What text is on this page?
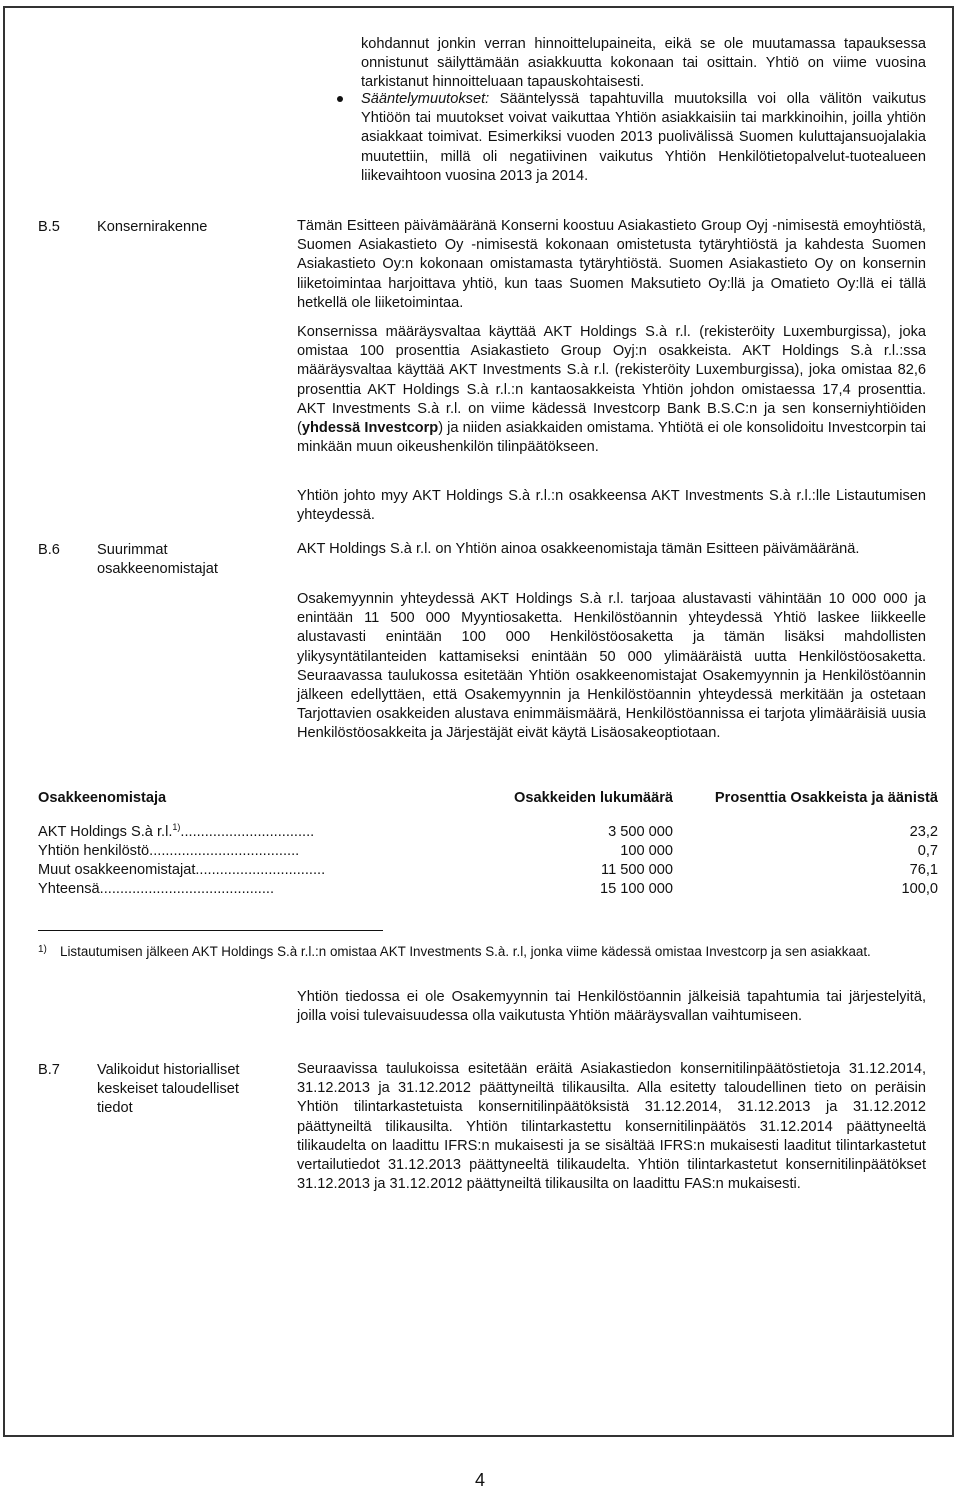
kohdannut jonkin verran hinnoittelupaineita, eikä se ole muutamassa tapauksessa onnistunut säilyttämään asiakkuutta kokonaan tai osittain. Yhtiö on viime vuosina tarkistanut hinnoitteluaan tapauskohtaisesti.
Sääntelymuutokset: Sääntelyssä tapahtuvilla muutoksilla voi olla välitön vaikutus Yhtiöön tai muutokset voivat vaikuttaa Yhtiön asiakkaisiin tai markkinoihin, joilla yhtiön asiakkaat toimivat. Esimerkiksi vuoden 2013 puolivälissä Suomen kuluttajansuojalakia muutettiin, millä oli negatiivinen vaikutus Yhtiön Henkilötietopalvelut-tuotealueen liikevaihtoon vuosina 2013 ja 2014.
B.5	Konsernirakenne	Tämän Esitteen päivämääränä Konserni koostuu Asiakastieto Group Oyj -nimisestä emoyhtiöstä, Suomen Asiakastieto Oy -nimisestä kokonaan omistetusta tytäryhtiöstä ja kahdesta Suomen Asiakastieto Oy:n kokonaan omistamasta tytäryhtiöstä. Suomen Asiakastieto Oy on konsernin liiketoimintaa harjoittava yhtiö, kun taas Suomen Maksutieto Oy:llä ja Omatieto Oy:llä ei tällä hetkellä ole liiketoimintaa.
Konsernissa määräysvaltaa käyttää AKT Holdings S.à r.l. (rekisteröity Luxemburgissa), joka omistaa 100 prosenttia Asiakastieto Group Oyj:n osakkeista. AKT Holdings S.à r.l.:ssa määräysvaltaa käyttää AKT Investments S.à r.l. (rekisteröity Luxemburgissa), joka omistaa 82,6 prosenttia AKT Holdings S.à r.l.:n kantaosakkeista Yhtiön johdon omistaessa 17,4 prosenttia. AKT Investments S.à r.l. on viime kädessä Investcorp Bank B.S.C:n ja sen konserniyhtiöiden (yhdessä Investcorp) ja niiden asiakkaiden omistama. Yhtiötä ei ole konsolidoitu Investcorpin tai minkään muun oikeushenkilön tilinpäätökseen.
Yhtiön johto myy AKT Holdings S.à r.l.:n osakkeensa AKT Investments S.à r.l.:lle Listautumisen yhteydessä.
B.6	Suurimmat osakkeenomistajat
AKT Holdings S.à r.l. on Yhtiön ainoa osakkeenomistaja tämän Esitteen päivämääränä.
Osakemyynnin yhteydessä AKT Holdings S.à r.l. tarjoaa alustavasti vähintään 10 000 000 ja enintään 11 500 000 Myyntiosaketta. Henkilöstöannin yhteydessä Yhtiö laskee liikkeelle alustavasti enintään 100 000 Henkilöstöosaketta ja tämän lisäksi mahdollisten ylikysyntätilanteiden kattamiseksi enintään 50 000 ylimääräistä uutta Henkilöstöosaketta. Seuraavassa taulukossa esitetään Yhtiön osakkeenomistajat Osakemyynnin ja Henkilöstöannin jälkeen edellyttäen, että Osakemyynnin ja Henkilöstöannin yhteydessä merkitään ja ostetaan Tarjottavien osakkeiden alustava enimmäismäärä, Henkilöstöannissa ei tarjota ylimääräisiä uusia Henkilöstöosakkeita ja Järjestäjät eivät käytä Lisäosakeoptiotaan.
Osakkeenomistaja	Osakkeiden lukumäärä	Prosenttia Osakkeista ja äänistä
AKT Holdings S.à r.l.$^{1)}$.................................	3 500 000	23,2
Yhtiön henkilöstö.....................................	100 000	0,7
Muut osakkeenomistajat................................	11 500 000	76,1
Yhteensä...........................................	15 100 000	100,0
1) Listautumisen jälkeen AKT Holdings S.à r.l.:n omistaa AKT Investments S.à. r.l, jonka viime kädessä omistaa Investcorp ja sen asiakkaat.
Yhtiön tiedossa ei ole Osakemyynnin tai Henkilöstöannin jälkeisiä tapahtumia tai järjestelyitä, joilla voisi tulevaisuudessa olla vaikutusta Yhtiön määräysvallan vaihtumiseen.
B.7	Valikoidut historialliset keskeiset taloudelliset tiedot
Seuraavissa taulukoissa esitetään eräitä Asiakastiedon konsernitilinpäätöstietoja 31.12.2014, 31.12.2013 ja 31.12.2012 päättyneiltä tilikausilta. Alla esitetty taloudellinen tieto on peräisin Yhtiön tilintarkastetuista konsernitilinpäätöksistä 31.12.2014, 31.12.2013 ja 31.12.2012 päättyneiltä tilikausilta. Yhtiön tilintarkastettu konsernitilinpäätös 31.12.2014 päättyneeltä tilikaudelta on laadittu IFRS:n mukaisesti ja se sisältää IFRS:n mukaisesti laaditut tilintarkastetut vertailutiedot 31.12.2013 päättyneeltä tilikaudelta. Yhtiön tilintarkastetut konsernitilinpäätökset 31.12.2013 ja 31.12.2012 päättyneiltä tilikausilta on laadittu FAS:n mukaisesti.
4
